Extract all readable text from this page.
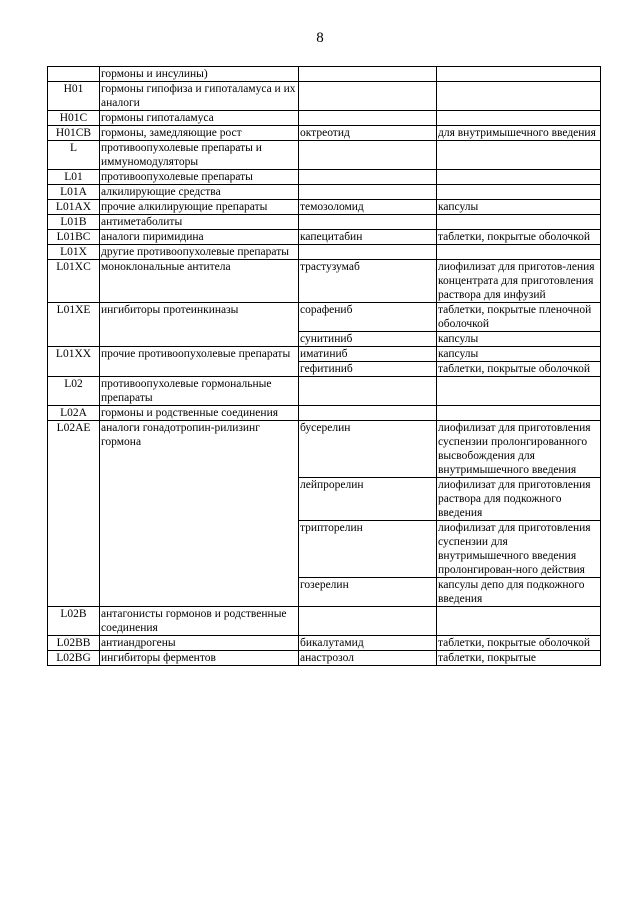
8
	гормоны и инсулины)		
H01	гормоны гипофиза и гипоталамуса и их аналоги		
H01C	гормоны гипоталамуса		
H01CB	гормоны, замедляющие рост	октреотид	для внутримышечного введения
L	противоопухолевые препараты и иммуномодуляторы		
L01	противоопухолевые препараты		
L01A	алкилирующие средства		
L01AX	прочие алкилирующие препараты	темозоломид	капсулы
L01B	антиметаболиты		
L01BC	аналоги пиримидина	капецитабин	таблетки, покрытые оболочкой
L01X	другие противоопухолевые препараты		
L01XC	моноклональные антитела	трастузумаб	лиофилизат для приготов-ления концентрата для приготовления раствора для инфузий
L01XE	ингибиторы протеинкиназы	сорафениб	таблетки, покрытые пленочной оболочкой
		сунитиниб	капсулы
L01XX	прочие противоопухолевые препараты	иматиниб	капсулы
		гефитиниб	таблетки, покрытые оболочкой
L02	противоопухолевые гормональные препараты		
L02A	гормоны и родственные соединения		
L02AE	аналоги гонадотропин-рилизинг гормона	бусерелин	лиофилизат для приготовления суспензии пролонгированного высвобождения для внутримышечного введения
		лейпрорелин	лиофилизат для приготовления раствора для подкожного введения
		трипторелин	лиофилизат для приготовления суспензии для внутримышечного введения пролонгирован-ного действия
		гозерелин	капсулы депо для подкожного введения
L02B	антагонисты гормонов и родственные соединения		
L02BB	антиандрогены	бикалутамид	таблетки, покрытые оболочкой
L02BG	ингибиторы ферментов	анастрозол	таблетки, покрытые
